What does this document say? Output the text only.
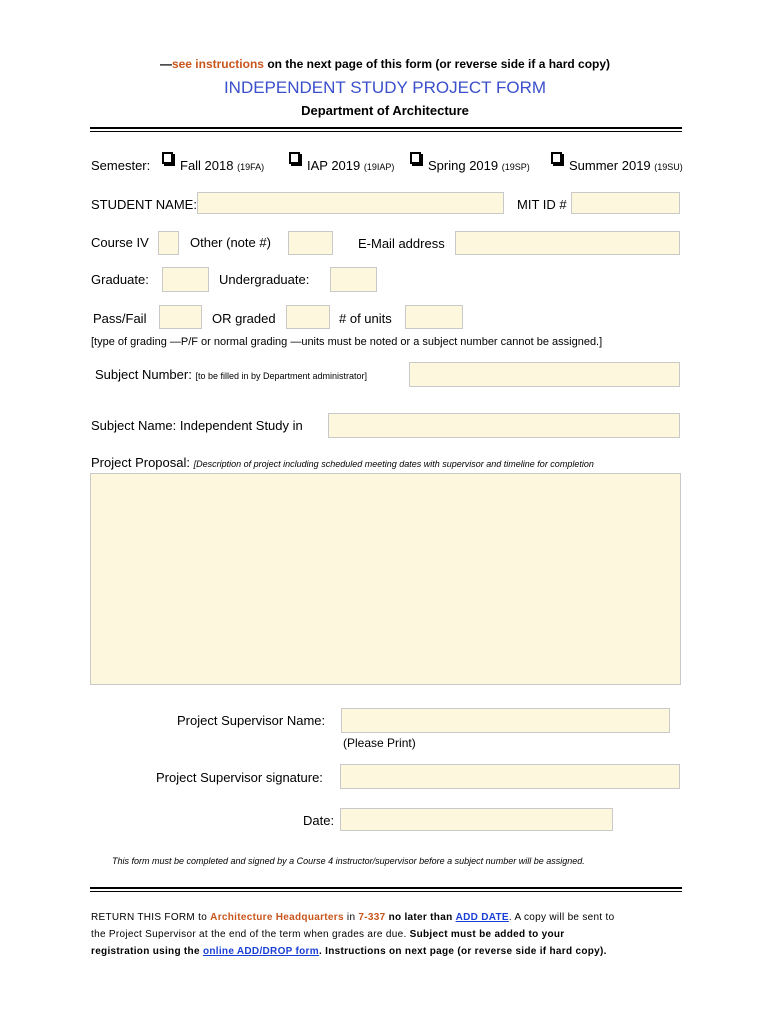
—see instructions on the next page of this form (or reverse side if a hard copy)
INDEPENDENT STUDY PROJECT FORM
Department of Architecture
Semester: Fall 2018 (19FA)	IAP 2019 (19IAP)	Spring 2019 (19SP)	Summer 2019 (19SU)
STUDENT NAME:	MIT ID #
Course IV	Other (note #)	E-Mail address
Graduate:	Undergraduate:
Pass/Fail	OR graded	# of units
[type of grading —P/F or normal grading —units must be noted or a subject number cannot be assigned.]
Subject Number: [to be filled in by Department administrator]
Subject Name: Independent Study in
Project Proposal: [Description of project including scheduled meeting dates with supervisor and timeline for completion
Project Supervisor Name:
(Please Print)
Project Supervisor signature:
Date:
This form must be completed and signed by a Course 4 instructor/supervisor before a subject number will be assigned.
RETURN THIS FORM to Architecture Headquarters in 7-337 no later than ADD DATE. A copy will be sent to
the Project Supervisor at the end of the term when grades are due. Subject must be added to your
registration using the online ADD/DROP form. Instructions on next page (or reverse side if hard copy).
